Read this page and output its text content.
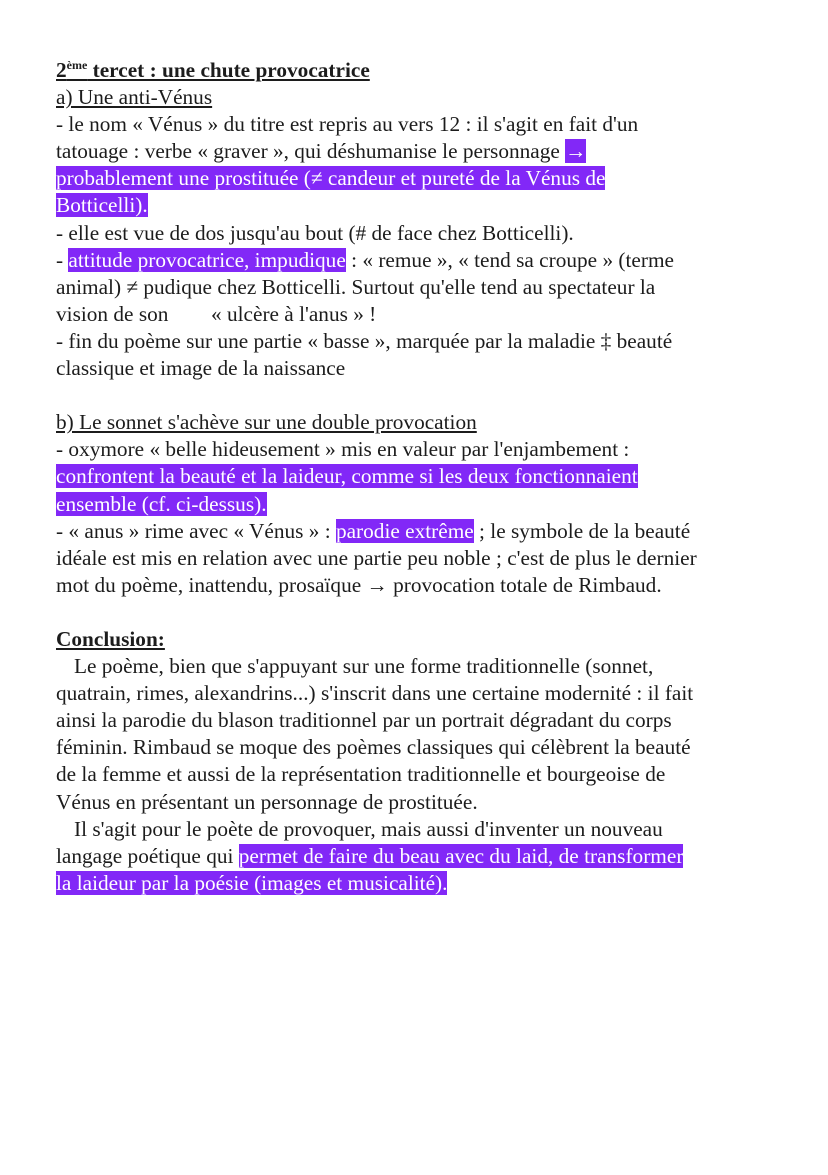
2ème tercet : une chute provocatrice
a) Une anti-Vénus
- le nom « Vénus » du titre est repris au vers 12 : il s'agit en fait d'un
tatouage : verbe « graver », qui déshumanise le personnage →
probablement une prostituée (≠ candeur et pureté de la Vénus de
Botticelli).
- elle est vue de dos jusqu'au bout (# de face chez Botticelli).
- attitude provocatrice, impudique : « remue », « tend sa croupe » (terme
animal) ≠ pudique chez Botticelli. Surtout qu'elle tend au spectateur la
vision de son        « ulcère à l'anus » !
- fin du poème sur une partie « basse », marquée par la maladie ‡ beauté
classique et image de la naissance
b) Le sonnet s'achève sur une double provocation
- oxymore « belle hideusement » mis en valeur par l'enjambement :
confrontent la beauté et la laideur, comme si les deux fonctionnaient
ensemble (cf. ci-dessus).
- « anus » rime avec « Vénus » : parodie extrême ; le symbole de la beauté
idéale est mis en relation avec une partie peu noble ; c'est de plus le dernier
mot du poème, inattendu, prosaïque → provocation totale de Rimbaud.
Conclusion:
Le poème, bien que s'appuyant sur une forme traditionnelle (sonnet,
quatrain, rimes, alexandrins...) s'inscrit dans une certaine modernité : il fait
ainsi la parodie du blason traditionnel par un portrait dégradant du corps
féminin. Rimbaud se moque des poèmes classiques qui célèbrent la beauté
de la femme et aussi de la représentation traditionnelle et bourgeoise de
Vénus en présentant un personnage de prostituée.
Il s'agit pour le poète de provoquer, mais aussi d'inventer un nouveau
langage poétique qui permet de faire du beau avec du laid, de transformer
la laideur par la poésie (images et musicalité).
